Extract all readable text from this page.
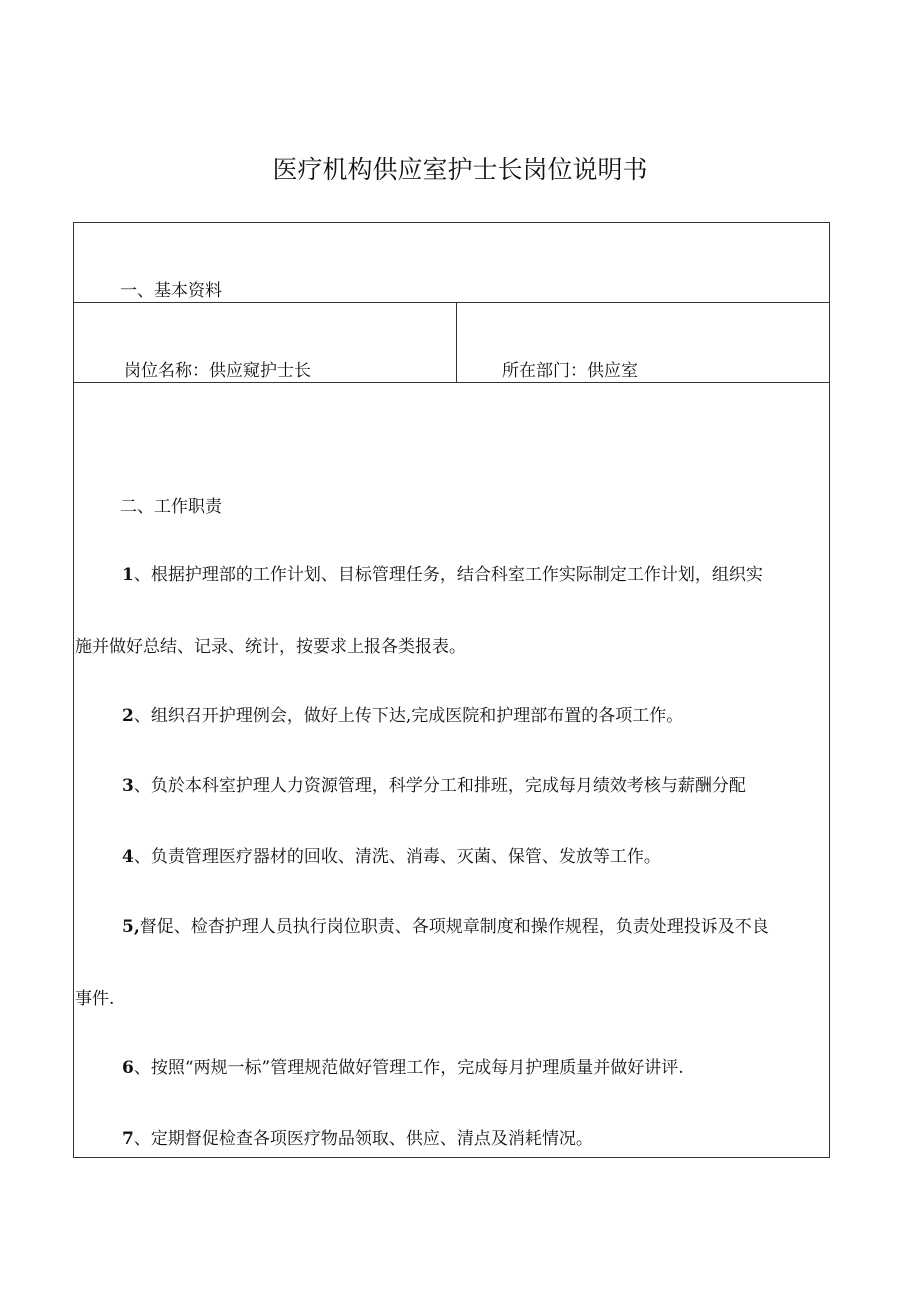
医疗机构供应室护士长岗位说明书
一、基本资料
岗位名称：供应窥护士长	所在部门：供应室
二、工作职责
1、根据护理部的工作计划、目标管理任务，结合科室工作实际制定工作计划，组织实
施并做好总结、记录、统计，按要求上报各类报表。
2、组织召开护理例会，做好上传下达,完成医院和护理部布置的各项工作。
3、负於本科室护理人力资源管理，科学分工和排班，完成每月绩效考核与薪酬分配
4、负责管理医疗器材的回收、清洗、消毒、灭菌、保管、发放等工作。
5,督促、检杳护理人员执行岗位职责、各项规章制度和操作规程，负责处理投诉及不良
事件.
6、按照“两规一标”管理规范做好管理工作，完成每月护理质量并做好讲评.
7、定期督促检查各项医疗物品领取、供应、清点及消耗情况。
